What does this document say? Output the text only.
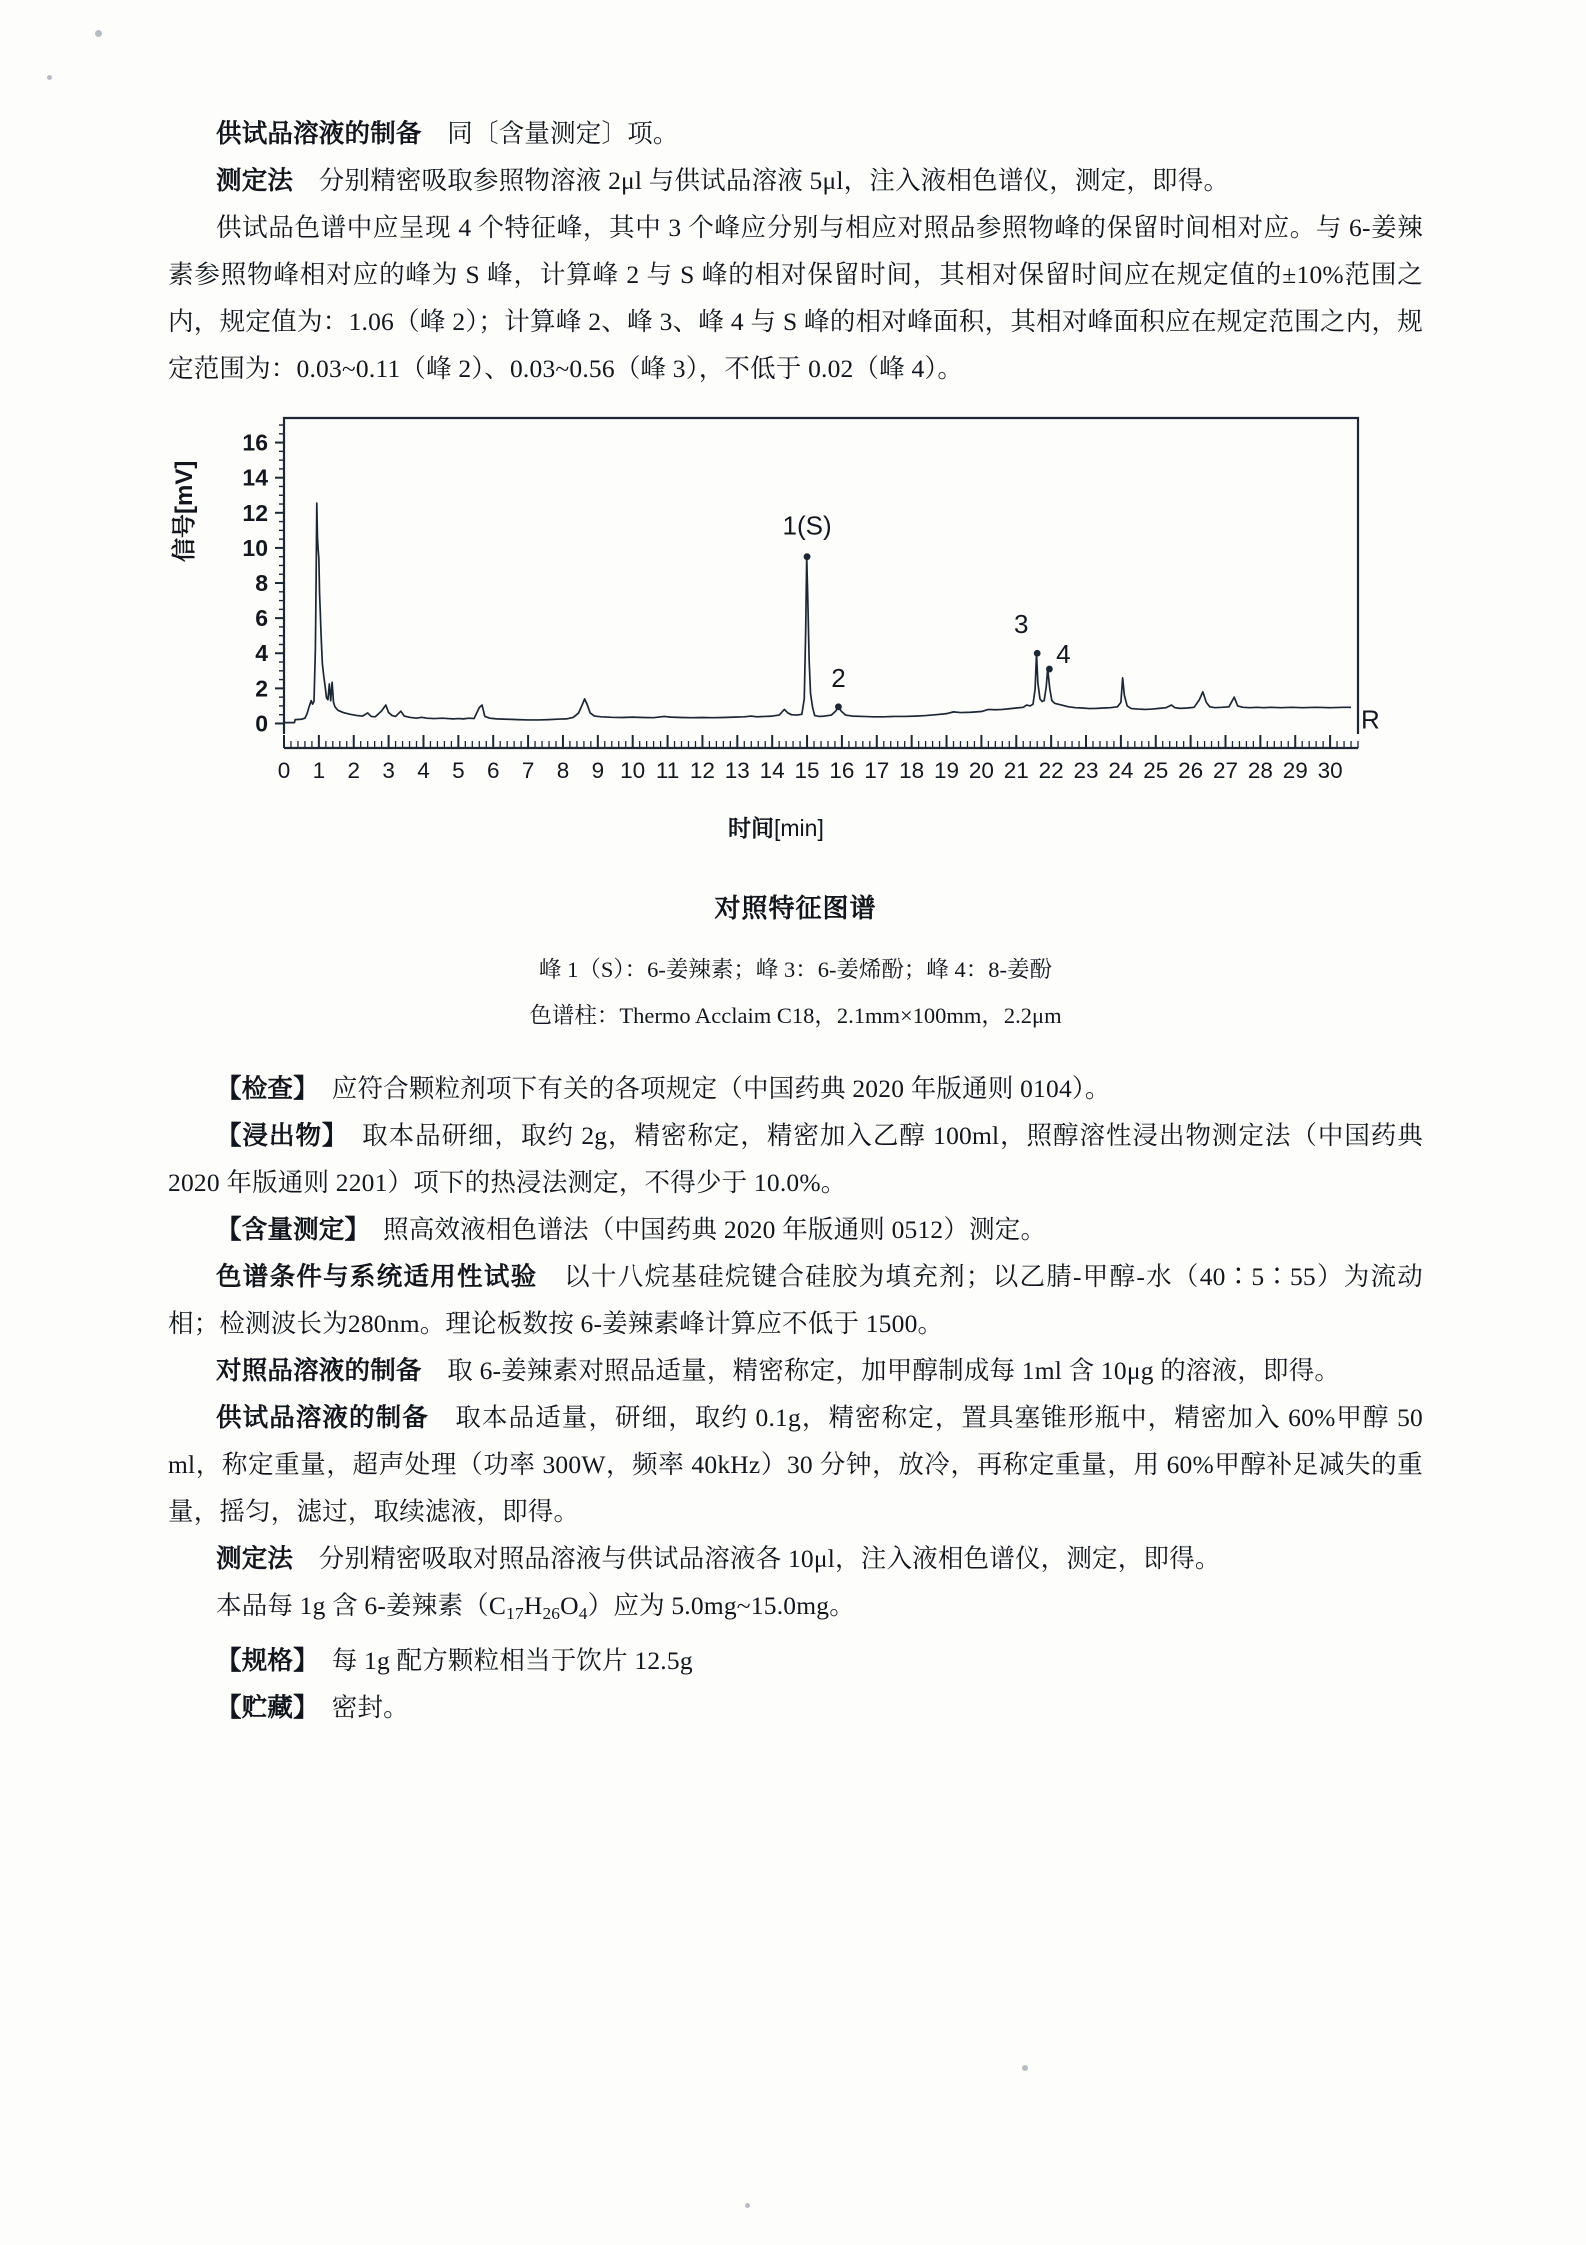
供试品溶液的制备　同〔含量测定〕项。

测定法　分别精密吸取参照物溶液 2μl 与供试品溶液 5μl，注入液相色谱仪，测定，即得。

供试品色谱中应呈现 4 个特征峰，其中 3 个峰应分别与相应对照品参照物峰的保留时间相对应。与 6-姜辣素参照物峰相对应的峰为 S 峰，计算峰 2 与 S 峰的相对保留时间，其相对保留时间应在规定值的±10%范围之内，规定值为：1.06（峰 2）；计算峰 2、峰 3、峰 4 与 S 峰的相对峰面积，其相对峰面积应在规定范围之内，规定范围为：0.03~0.11（峰 2）、0.03~0.56（峰 3），不低于 0.02（峰 4）。

信号[mV]
0
2
4
6
8
10
12
14
16
0 1 2 3 4 5 6 7 8 9 10 11 12 13 14 15 16 17 18 19 20 21 22 23 24 25 26 27 28 29 30
1(S)
2
3
4
R
时间[min]
对照特征图谱
峰 1（S）：6-姜辣素；峰 3：6-姜烯酚；峰 4：8-姜酚
色谱柱：Thermo Acclaim C18，2.1mm×100mm，2.2μm

【检查】　应符合颗粒剂项下有关的各项规定（中国药典 2020 年版通则 0104）。

【浸出物】　取本品研细，取约 2g，精密称定，精密加入乙醇 100ml，照醇溶性浸出物测定法（中国药典 2020 年版通则 2201）项下的热浸法测定，不得少于 10.0%。

【含量测定】　照高效液相色谱法（中国药典 2020 年版通则 0512）测定。

色谱条件与系统适用性试验　以十八烷基硅烷键合硅胶为填充剂；以乙腈-甲醇-水（40∶5∶55）为流动相；检测波长为280nm。理论板数按 6-姜辣素峰计算应不低于 1500。

对照品溶液的制备　取 6-姜辣素对照品适量，精密称定，加甲醇制成每 1ml 含 10μg 的溶液，即得。

供试品溶液的制备　取本品适量，研细，取约 0.1g，精密称定，置具塞锥形瓶中，精密加入 60%甲醇 50 ml，称定重量，超声处理（功率 300W，频率 40kHz）30 分钟，放冷，再称定重量，用 60%甲醇补足减失的重量，摇匀，滤过，取续滤液，即得。

测定法　分别精密吸取对照品溶液与供试品溶液各 10μl，注入液相色谱仪，测定，即得。

本品每 1g 含 6-姜辣素$(C_{17}H_{26}O_4)$应为 5.0mg~15.0mg。

【规格】　每 1g 配方颗粒相当于饮片 12.5g

【贮藏】　密封。
